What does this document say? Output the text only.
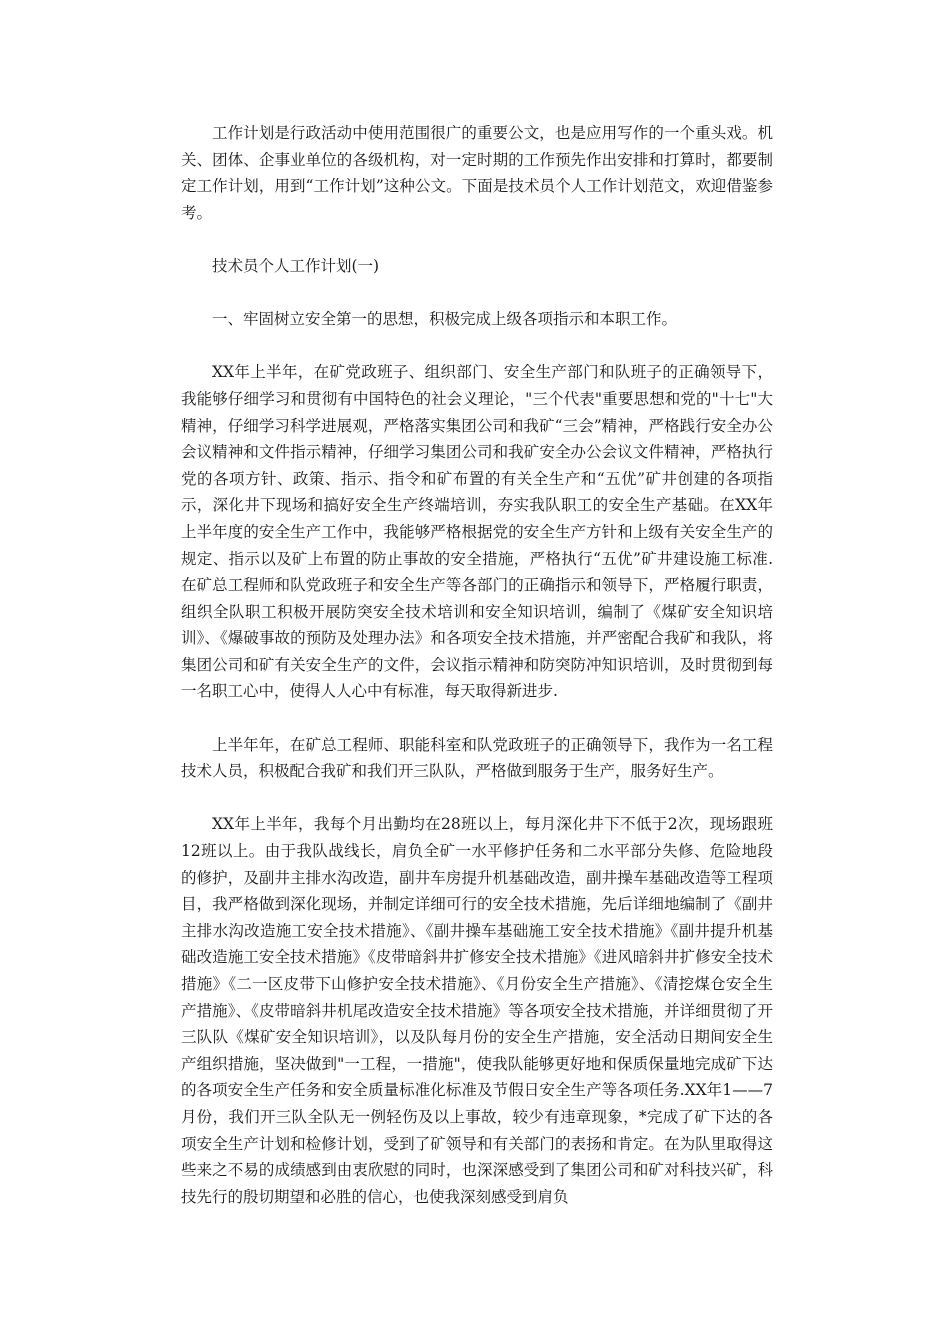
工作计划是行政活动中使用范围很广的重要公文，也是应用写作的一个重头戏。机关、团体、企事业单位的各级机构，对一定时期的工作预先作出安排和打算时，都要制定工作计划，用到“工作计划”这种公文。下面是技术员个人工作计划范文，欢迎借鉴参考。

技术员个人工作计划(一)

一、牢固树立安全第一的思想，积极完成上级各项指示和本职工作。

XX年上半年，在矿党政班子、组织部门、安全生产部门和队班子的正确领导下，我能够仔细学习和贯彻有中国特色的社会义理论，"三个代表"重要思想和党的"十七"大精神，仔细学习科学进展观，严格落实集团公司和我矿“三会”精神，严格践行安全办公会议精神和文件指示精神，仔细学习集团公司和我矿安全办公会议文件精神，严格执行党的各项方针、政策、指示、指令和矿布置的有关全生产和“五优”矿井创建的各项指示，深化井下现场和搞好安全生产终端培训，夯实我队职工的安全生产基础。在XX年上半年度的安全生产工作中，我能够严格根据党的安全生产方针和上级有关安全生产的规定、指示以及矿上布置的防止事故的安全措施，严格执行“五优”矿井建设施工标准.在矿总工程师和队党政班子和安全生产等各部门的正确指示和领导下，严格履行职责，组织全队职工积极开展防突安全技术培训和安全知识培训，编制了《煤矿安全知识培训》、《爆破事故的预防及处理办法》和各项安全技术措施，并严密配合我矿和我队，将集团公司和矿有关安全生产的文件，会议指示精神和防突防冲知识培训，及时贯彻到每一名职工心中，使得人人心中有标准，每天取得新进步.

上半年年，在矿总工程师、职能科室和队党政班子的正确领导下，我作为一名工程技术人员，积极配合我矿和我们开三队队，严格做到服务于生产，服务好生产。

XX年上半年，我每个月出勤均在28班以上，每月深化井下不低于2次，现场跟班12班以上。由于我队战线长，肩负全矿一水平修护任务和二水平部分失修、危险地段的修护，及副井主排水沟改造，副井车房提升机基础改造，副井操车基础改造等工程项目，我严格做到深化现场，并制定详细可行的安全技术措施，先后详细地编制了《副井主排水沟改造施工安全技术措施》、《副井操车基础施工安全技术措施》《副井提升机基础改造施工安全技术措施》《皮带暗斜井扩修安全技术措施》《进风暗斜井扩修安全技术措施》《二一区皮带下山修护安全技术措施》、《月份安全生产措施》、《清挖煤仓安全生产措施》、《皮带暗斜井机尾改造安全技术措施》等各项安全技术措施，并详细贯彻了开三队队《煤矿安全知识培训》，以及队每月份的安全生产措施，安全活动日期间安全生产组织措施，坚决做到"一工程，一措施"，使我队能够更好地和保质保量地完成矿下达的各项安全生产任务和安全质量标准化标准及节假日安全生产等各项任务.XX年1——7月份，我们开三队全队无一例轻伤及以上事故，较少有违章现象，*完成了矿下达的各项安全生产计划和检修计划，受到了矿领导和有关部门的表扬和肯定。在为队里取得这些来之不易的成绩感到由衷欣慰的同时，也深深感受到了集团公司和矿对科技兴矿，科技先行的殷切期望和必胜的信心，也使我深刻感受到肩负
